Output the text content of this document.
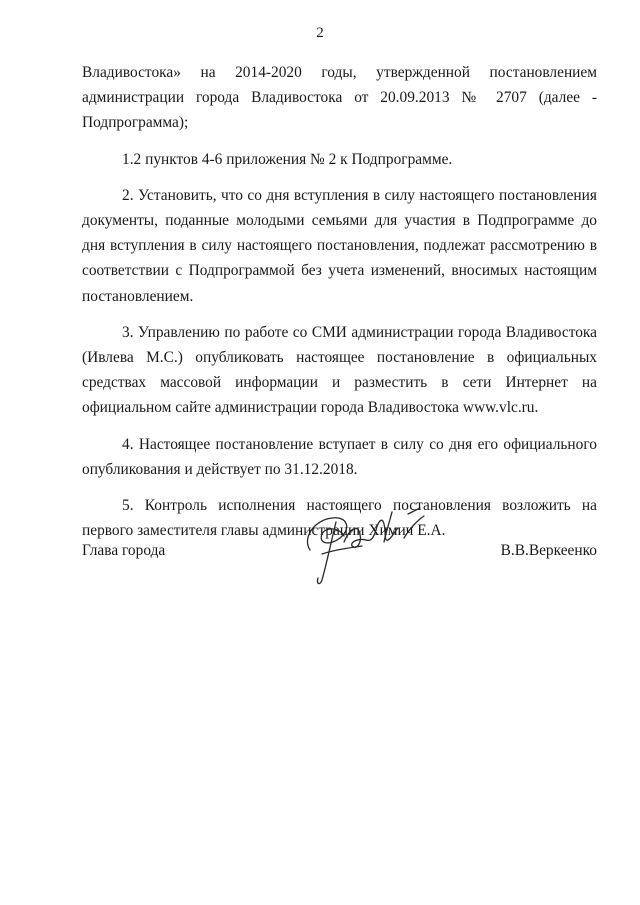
2

Владивостока» на 2014-2020 годы, утвержденной постановлением администрации города Владивостока от 20.09.2013 № 2707 (далее - Подпрограмма);

1.2 пунктов 4-6 приложения № 2 к Подпрограмме.

2. Установить, что со дня вступления в силу настоящего постановления документы, поданные молодыми семьями для участия в Подпрограмме до дня вступления в силу настоящего постановления, подлежат рассмотрению в соответствии с Подпрограммой без учета изменений, вносимых настоящим постановлением.

3. Управлению по работе со СМИ администрации города Владивостока (Ивлева М.С.) опубликовать настоящее постановление в официальных средствах массовой информации и разместить в сети Интернет на официальном сайте администрации города Владивостока www.vlc.ru.

4. Настоящее постановление вступает в силу со дня его официального опубликования и действует по 31.12.2018.

5. Контроль исполнения настоящего постановления возложить на первого заместителя главы администрации Химич Е.А.

Глава города	В.В.Веркеенко
